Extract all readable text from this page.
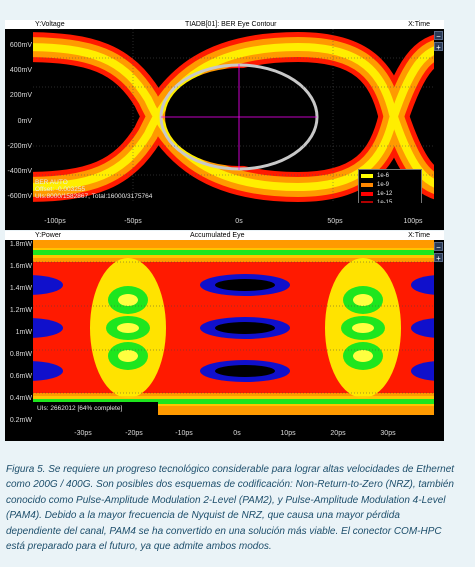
Y:Voltage	TIADB[01]: BER Eye Contour	X:Time
1e-6
1e-9
1e-12
1e-15
BER AUTO
Offset: -0.003255
UIs:8000/1582867, Total:16000/3175764
600mV
400mV
200mV
0mV
-200mV
-400mV
-600mV
-100ps	-50ps	0s	50ps	100ps
−
+
Y:Power	Accumulated Eye	X:Time
UIs: 2662012 [64% complete]
1.8mW
1.6mW
1.4mW
1.2mW
1mW
0.8mW
0.6mW
0.4mW
0.2mW
-30ps	-20ps	-10ps	0s	10ps	20ps	30ps
−
+
Figura 5. Se requiere un progreso tecnológico considerable para lograr altas velocidades de Ethernet como 200G / 400G. Son posibles dos esquemas de codificación: Non-Return-to-Zero (NRZ), también conocido como Pulse-Amplitude Modulation 2-Level (PAM2), y Pulse-Amplitude Modulation 4-Level (PAM4). Debido a la mayor frecuencia de Nyquist de NRZ, que causa una mayor pérdida dependiente del canal, PAM4 se ha convertido en una solución más viable. El conector COM-HPC está preparado para el futuro, ya que admite ambos modos.
